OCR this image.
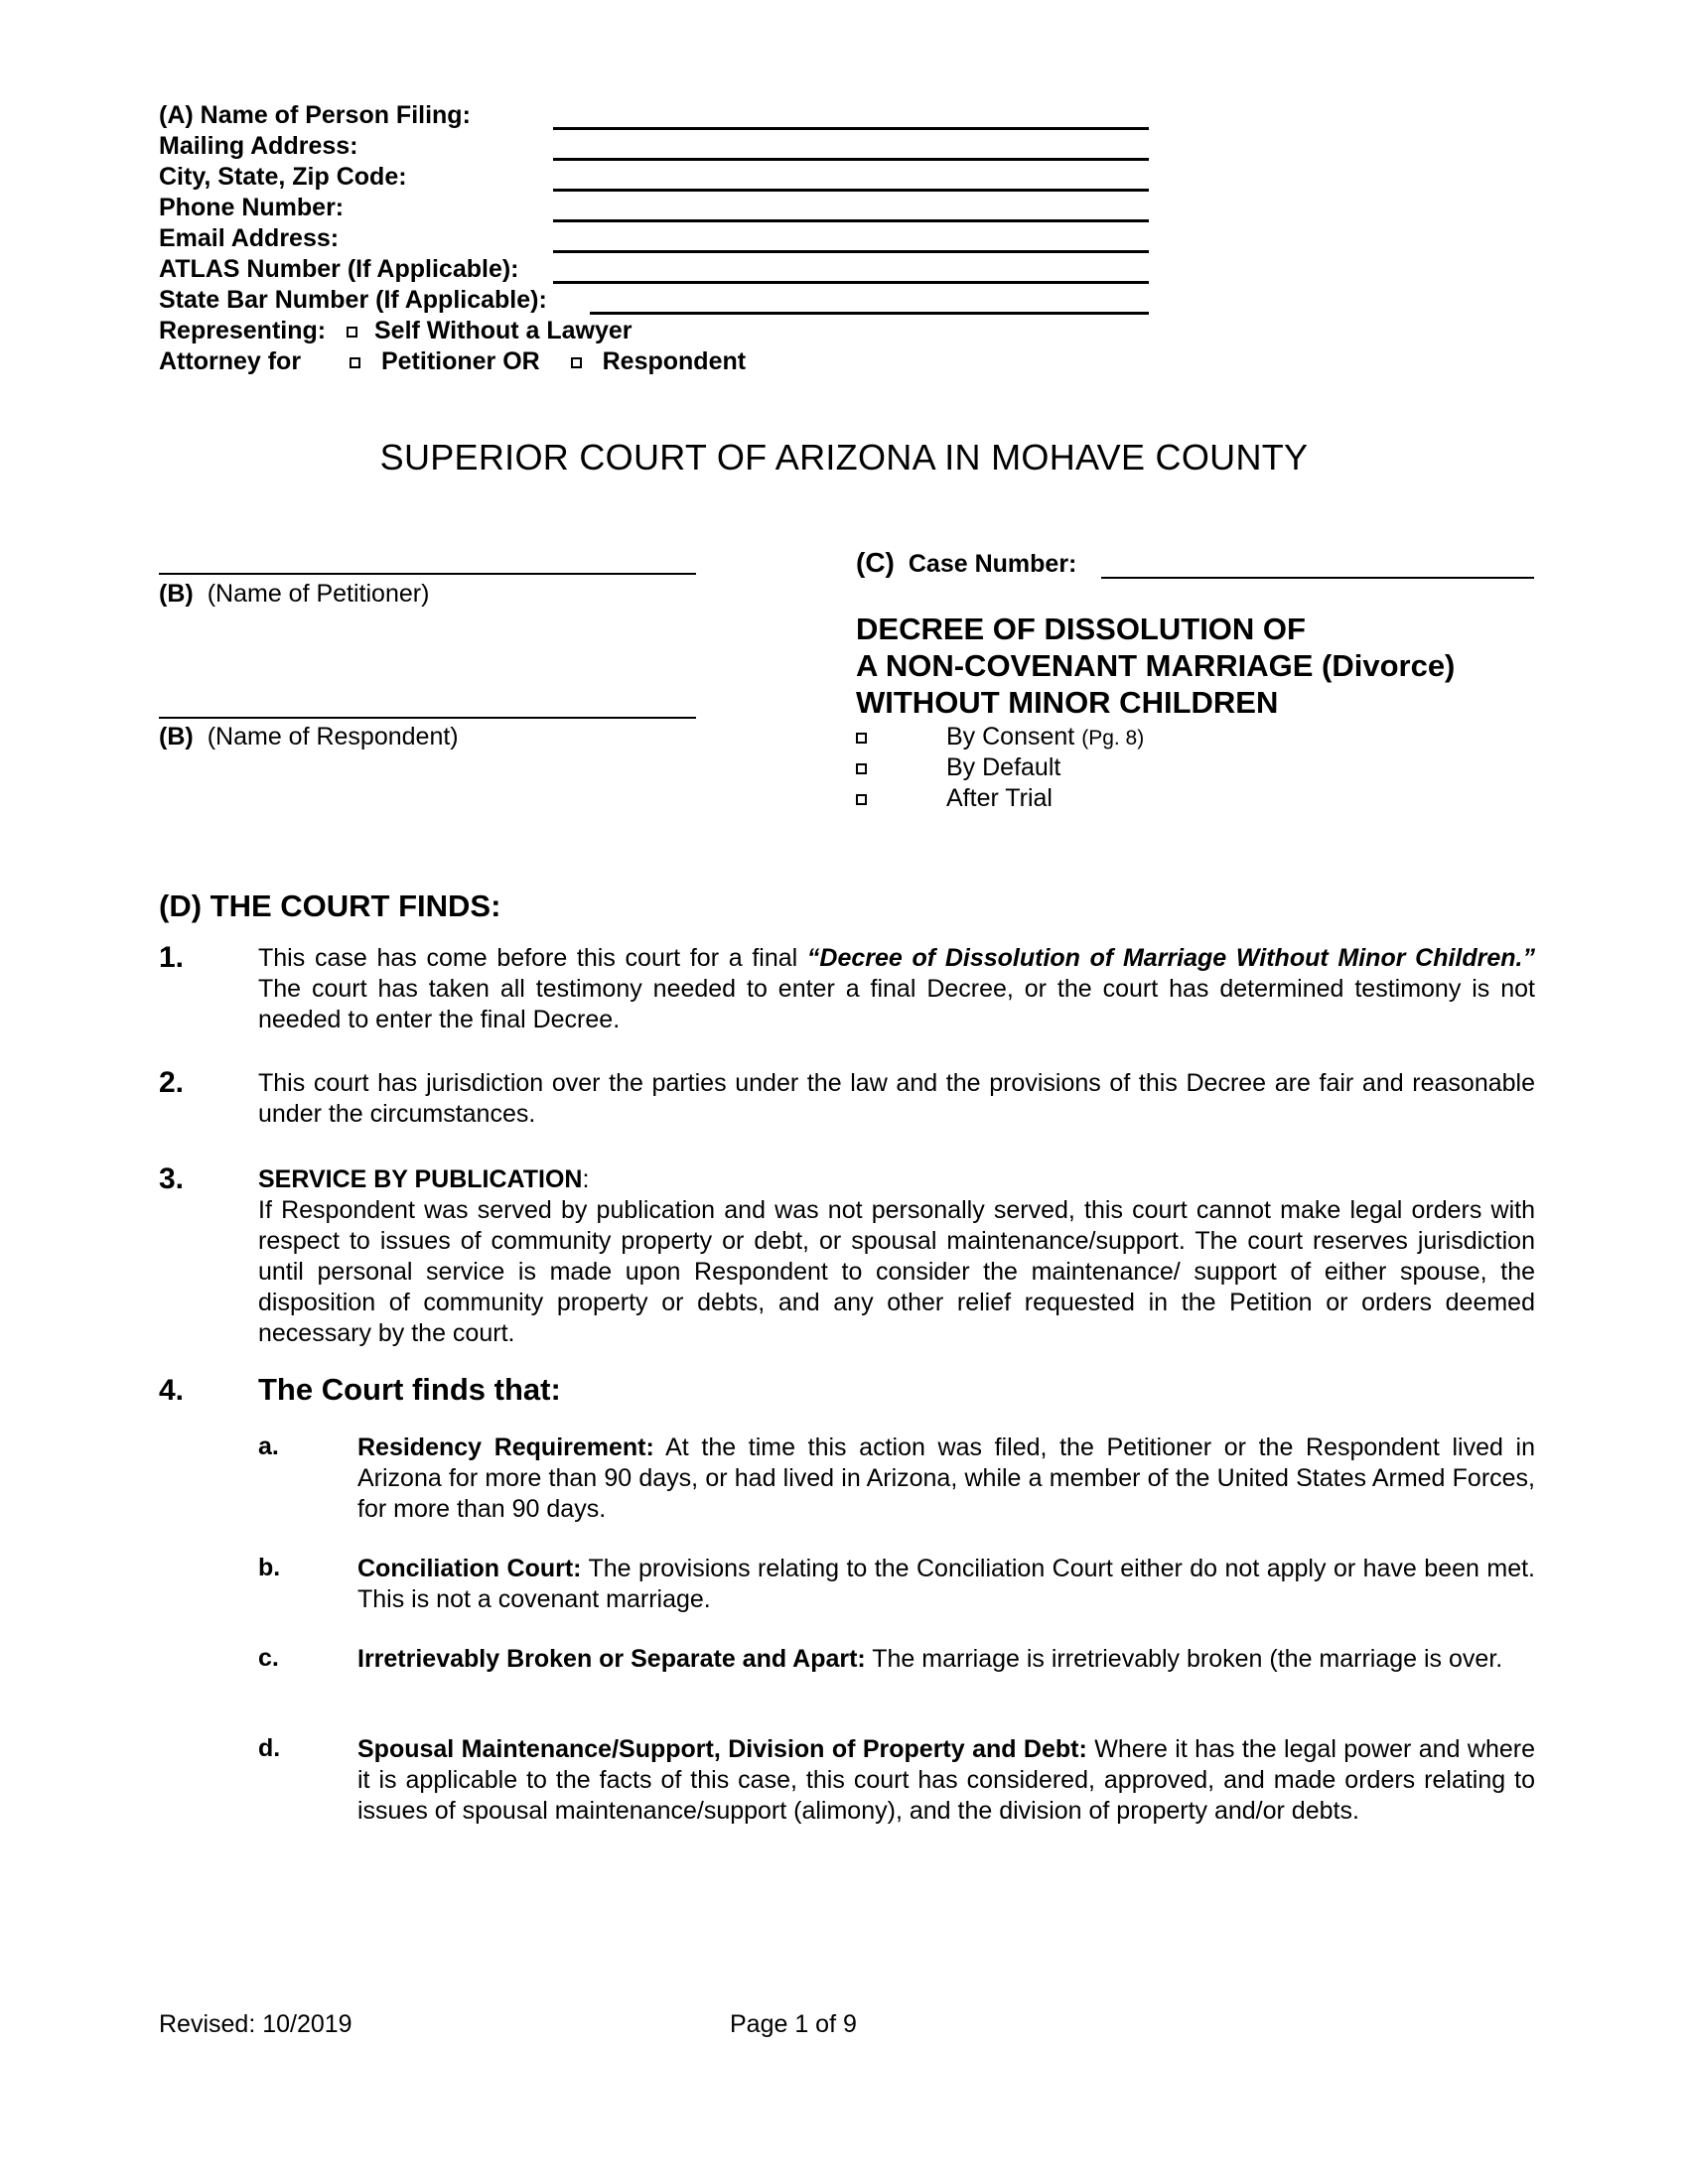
(A) Name of Person Filing:
Mailing Address:
City, State, Zip Code:
Phone Number:
Email Address:
ATLAS Number (If Applicable):
State Bar Number (If Applicable):
Representing: Self Without a Lawyer
Attorney for	Petitioner OR	Respondent
SUPERIOR COURT OF ARIZONA IN MOHAVE COUNTY
(B) (Name of Petitioner)
(B) (Name of Respondent)
(C) Case Number:
DECREE OF DISSOLUTION OF
A NON-COVENANT MARRIAGE (Divorce)
WITHOUT MINOR CHILDREN
By Consent (Pg. 8)
By Default
After Trial
(D) THE COURT FINDS:
1.	This case has come before this court for a final “Decree of Dissolution of Marriage Without Minor Children.” The court has taken all testimony needed to enter a final Decree, or the court has determined testimony is not needed to enter the final Decree.
2.	This court has jurisdiction over the parties under the law and the provisions of this Decree are fair and reasonable under the circumstances.
3.	SERVICE BY PUBLICATION:
If Respondent was served by publication and was not personally served, this court cannot make legal orders with respect to issues of community property or debt, or spousal maintenance/support. The court reserves jurisdiction until personal service is made upon Respondent to consider the maintenance/ support of either spouse, the disposition of community property or debts, and any other relief requested in the Petition or orders deemed necessary by the court.
4. The Court finds that:
a.	Residency Requirement: At the time this action was filed, the Petitioner or the Respondent lived in Arizona for more than 90 days, or had lived in Arizona, while a member of the United States Armed Forces, for more than 90 days.
b.	Conciliation Court: The provisions relating to the Conciliation Court either do not apply or have been met. This is not a covenant marriage.
c.	Irretrievably Broken or Separate and Apart: The marriage is irretrievably broken (the marriage is over.
d.	Spousal Maintenance/Support, Division of Property and Debt: Where it has the legal power and where it is applicable to the facts of this case, this court has considered, approved, and made orders relating to issues of spousal maintenance/support (alimony), and the division of property and/or debts.
Revised: 10/2019	Page 1 of 9
